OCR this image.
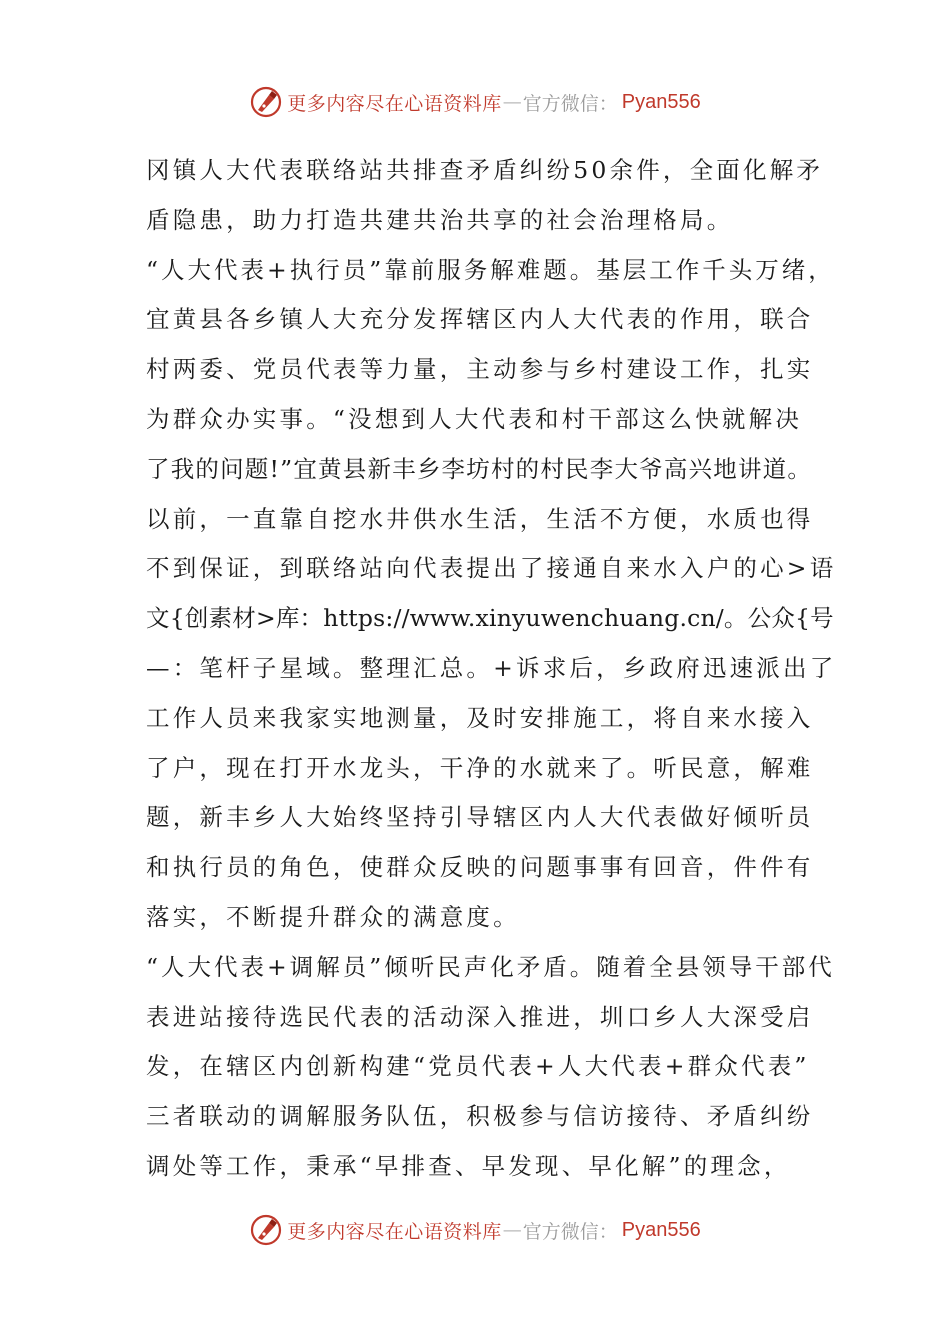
更多内容尽在心语资料库 — 官方微信： Pyan556
冈镇人大代表联络站共排查矛盾纠纷50余件，全面化解矛
盾隐患，助力打造共建共治共享的社会治理格局。
“人大代表+执行员”靠前服务解难题。基层工作千头万绪，
宜黄县各乡镇人大充分发挥辖区内人大代表的作用，联合
村两委、党员代表等力量，主动参与乡村建设工作，扎实
为群众办实事。“没想到人大代表和村干部这么快就解决
了我的问题!”宜黄县新丰乡李坊村的村民李大爷高兴地讲道。
以前，一直靠自挖水井供水生活，生活不方便，水质也得
不到保证，到联络站向代表提出了接通自来水入户的心>语
文{创素材>库：https://www.xinyuwenchuang.cn/。公众{号
—：笔杆子星域。整理汇总。+诉求后，乡政府迅速派出了
工作人员来我家实地测量，及时安排施工，将自来水接入
了户，现在打开水龙头，干净的水就来了。听民意，解难
题，新丰乡人大始终坚持引导辖区内人大代表做好倾听员
和执行员的角色，使群众反映的问题事事有回音，件件有
落实，不断提升群众的满意度。
“人大代表+调解员”倾听民声化矛盾。随着全县领导干部代
表进站接待选民代表的活动深入推进，圳口乡人大深受启
发，在辖区内创新构建“党员代表+人大代表+群众代表”
三者联动的调解服务队伍，积极参与信访接待、矛盾纠纷
调处等工作，秉承“早排查、早发现、早化解”的理念，
更多内容尽在心语资料库 — 官方微信： Pyan556
